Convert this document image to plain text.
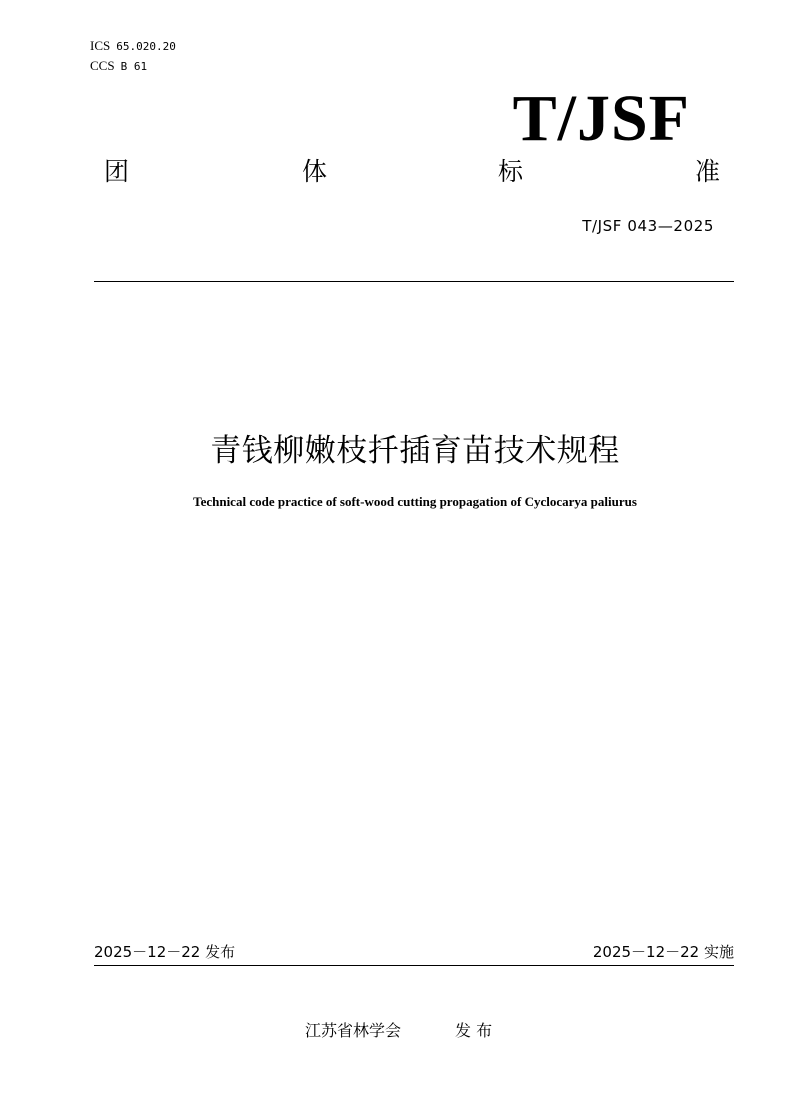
ICS 65.020.20
CCS B 61
T/JSF
团	体	标	准
T/JSF 043—2025
青钱柳嫩枝扦插育苗技术规程
Technical code practice of soft-wood cutting propagation of Cyclocarya paliurus
2025－12－22 发布	2025－12－22 实施
江苏省林学会	发 布
